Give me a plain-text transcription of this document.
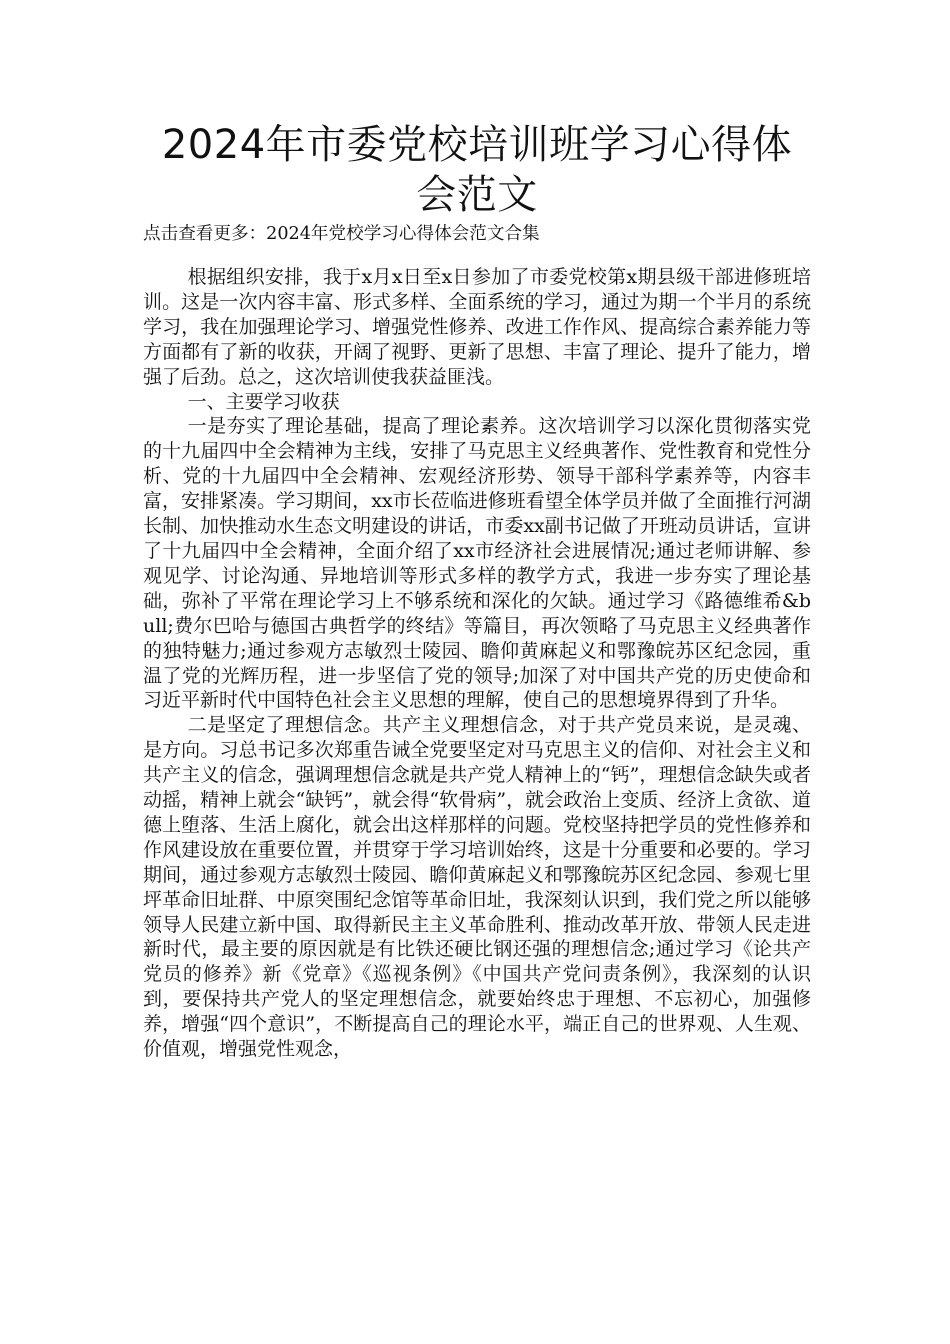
2024年市委党校培训班学习心得体会范文
点击查看更多：2024年党校学习心得体会范文合集

根据组织安排，我于x月x日至x日参加了市委党校第x期县级干部进修班培训。这是一次内容丰富、形式多样、全面系统的学习，通过为期一个半月的系统学习，我在加强理论学习、增强党性修养、改进工作作风、提高综合素养能力等方面都有了新的收获，开阔了视野、更新了思想、丰富了理论、提升了能力，增强了后劲。总之，这次培训使我获益匪浅。

一、主要学习收获

一是夯实了理论基础，提高了理论素养。这次培训学习以深化贯彻落实党的十九届四中全会精神为主线，安排了马克思主义经典著作、党性教育和党性分析、党的十九届四中全会精神、宏观经济形势、领导干部科学素养等，内容丰富，安排紧凑。学习期间，xx市长莅临进修班看望全体学员并做了全面推行河湖长制、加快推动水生态文明建设的讲话，市委xx副书记做了开班动员讲话，宣讲了十九届四中全会精神，全面介绍了xx市经济社会进展情况;通过老师讲解、参观见学、讨论沟通、异地培训等形式多样的教学方式，我进一步夯实了理论基础，弥补了平常在理论学习上不够系统和深化的欠缺。通过学习《路德维希&bull;费尔巴哈与德国古典哲学的终结》等篇目，再次领略了马克思主义经典著作的独特魅力;通过参观方志敏烈士陵园、瞻仰黄麻起义和鄂豫皖苏区纪念园，重温了党的光辉历程，进一步坚信了党的领导;加深了对中国共产党的历史使命和习近平新时代中国特色社会主义思想的理解，使自己的思想境界得到了升华。

二是坚定了理想信念。共产主义理想信念，对于共产党员来说，是灵魂、是方向。习总书记多次郑重告诫全党要坚定对马克思主义的信仰、对社会主义和共产主义的信念，强调理想信念就是共产党人精神上的“钙”，理想信念缺失或者动摇，精神上就会“缺钙”，就会得“软骨病”，就会政治上变质、经济上贪欲、道德上堕落、生活上腐化，就会出这样那样的问题。党校坚持把学员的党性修养和作风建设放在重要位置，并贯穿于学习培训始终，这是十分重要和必要的。学习期间，通过参观方志敏烈士陵园、瞻仰黄麻起义和鄂豫皖苏区纪念园、参观七里坪革命旧址群、中原突围纪念馆等革命旧址，我深刻认识到，我们党之所以能够领导人民建立新中国、取得新民主主义革命胜利、推动改革开放、带领人民走进新时代，最主要的原因就是有比铁还硬比钢还强的理想信念;通过学习《论共产党员的修养》新《党章》《巡视条例》《中国共产党问责条例》，我深刻的认识到，要保持共产党人的坚定理想信念，就要始终忠于理想、不忘初心，加强修养，增强“四个意识”，不断提高自己的理论水平，端正自己的世界观、人生观、价值观，增强党性观念，
